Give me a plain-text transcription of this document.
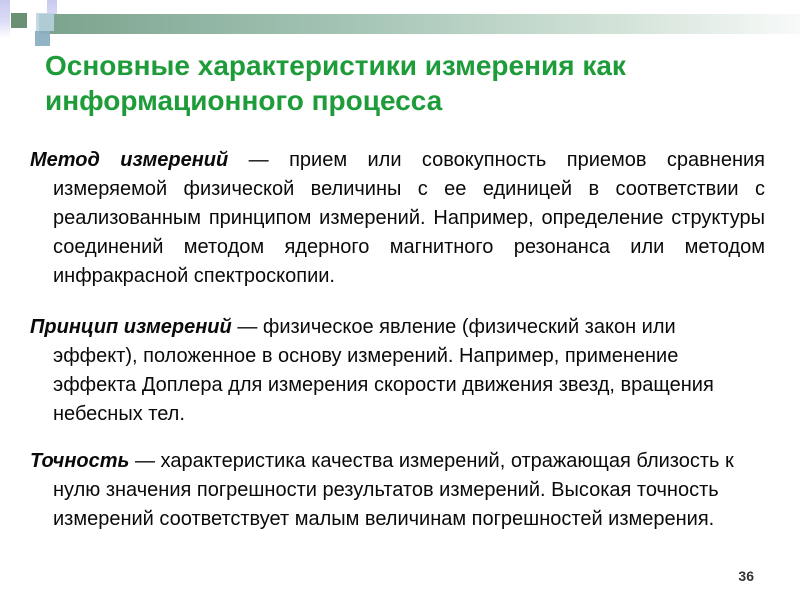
Основные характеристики измерения как информационного процесса

Метод измерений — прием или совокупность приемов сравнения измеряемой физической величины с ее единицей в соответствии с реализованным принципом измерений. Например, определение структуры соединений методом ядерного магнитного резонанса или методом инфракрасной спектроскопии.

Принцип измерений — физическое явление (физический закон или эффект), положенное в основу измерений. Например, применение эффекта Доплера для измерения скорости движения звезд, вращения небесных тел.

Точность — характеристика качества измерений, отражающая близость к нулю значения погрешности результатов измерений. Высокая точность измерений соответствует малым величинам погрешностей измерения.

36
